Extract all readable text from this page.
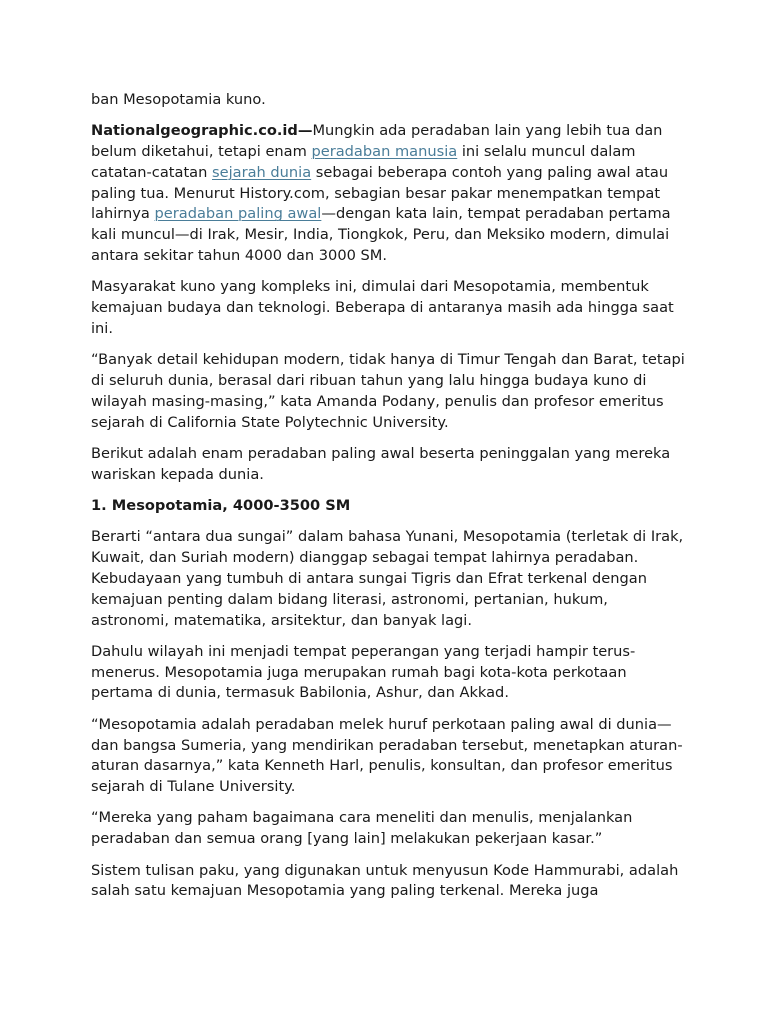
ban Mesopotamia kuno.

Nationalgeographic.co.id—Mungkin ada peradaban lain yang lebih tua dan belum diketahui, tetapi enam peradaban manusia ini selalu muncul dalam catatan-catatan sejarah dunia sebagai beberapa contoh yang paling awal atau paling tua. Menurut History.com, sebagian besar pakar menempatkan tempat lahirnya peradaban paling awal—dengan kata lain, tempat peradaban pertama kali muncul—di Irak, Mesir, India, Tiongkok, Peru, dan Meksiko modern, dimulai antara sekitar tahun 4000 dan 3000 SM.

Masyarakat kuno yang kompleks ini, dimulai dari Mesopotamia, membentuk kemajuan budaya dan teknologi. Beberapa di antaranya masih ada hingga saat ini.

“Banyak detail kehidupan modern, tidak hanya di Timur Tengah dan Barat, tetapi di seluruh dunia, berasal dari ribuan tahun yang lalu hingga budaya kuno di wilayah masing-masing,” kata Amanda Podany, penulis dan profesor emeritus sejarah di California State Polytechnic University.

Berikut adalah enam peradaban paling awal beserta peninggalan yang mereka wariskan kepada dunia.

1. Mesopotamia, 4000-3500 SM

Berarti “antara dua sungai” dalam bahasa Yunani, Mesopotamia (terletak di Irak, Kuwait, dan Suriah modern) dianggap sebagai tempat lahirnya peradaban. Kebudayaan yang tumbuh di antara sungai Tigris dan Efrat terkenal dengan kemajuan penting dalam bidang literasi, astronomi, pertanian, hukum, astronomi, matematika, arsitektur, dan banyak lagi.

Dahulu wilayah ini menjadi tempat peperangan yang terjadi hampir terus-menerus. Mesopotamia juga merupakan rumah bagi kota-kota perkotaan pertama di dunia, termasuk Babilonia, Ashur, dan Akkad.

“Mesopotamia adalah peradaban melek huruf perkotaan paling awal di dunia—dan bangsa Sumeria, yang mendirikan peradaban tersebut, menetapkan aturan-aturan dasarnya,” kata Kenneth Harl, penulis, konsultan, dan profesor emeritus sejarah di Tulane University.

“Mereka yang paham bagaimana cara meneliti dan menulis, menjalankan peradaban dan semua orang [yang lain] melakukan pekerjaan kasar.”

Sistem tulisan paku, yang digunakan untuk menyusun Kode Hammurabi, adalah salah satu kemajuan Mesopotamia yang paling terkenal. Mereka juga
